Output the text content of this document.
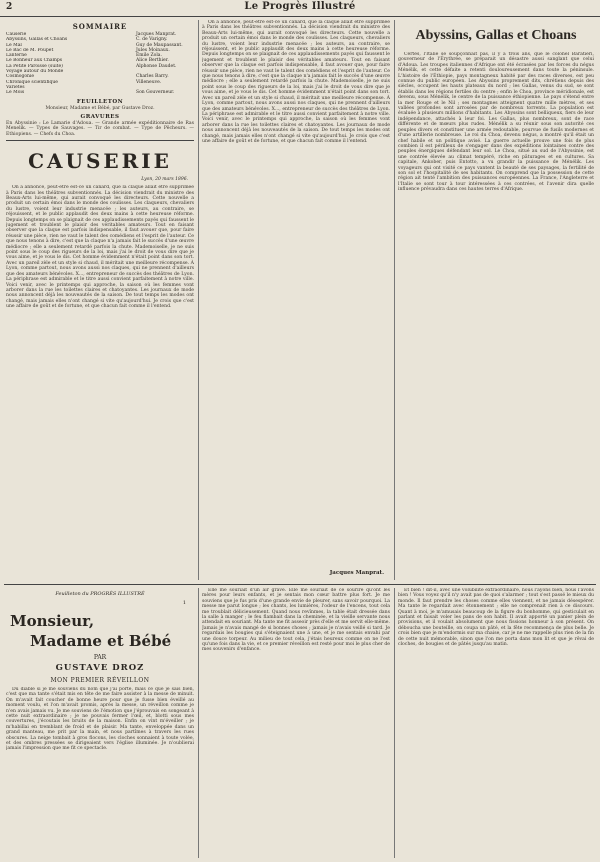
2	Le Progrès Illustré
SOMMAIRE
Causerie	Jacques Manprat.
Abyssins, Gallas et Choans	C. de Varigny.
Le Mal	Guy de Maupassant.
Le Bac de M. Poupet	Jules Moinaux.
Lanterne	Émile Zola.
Le Bonheur aux Champs	Alice Berthier.
La Petite Paroisse (suite)	Alphonse Daudet.
Voyage autour du Monde
Cosmogonie	Charles Barry.
Chronique scientifique	Villeneuve.
Variétés
Le Mois	Son Gouverneur.
FEUILLETON
Monsieur, Madame et Bébé, par Gustave Droz.
GRAVURES
En Abyssinie : Le Lamarie d'Adoua. — Grande armée expéditionnaire de Ras Menelik. — Types de Sauvages. — Tir de combat. — Type de Pêcheurs. — Ethiopiens. — Chefs du Choa.
CAUSERIE
Lyon, 20 mars 1896.
On a annoncé, peut-être est-ce un canard, que la claque allait être supprimée à Paris dans les théâtres subventionnés. La décision viendrait du ministre des Beaux-Arts lui-même, qui aurait convoqué les directeurs. Cette nouvelle a produit un certain émoi dans le monde des coulisses. Les claqueurs, chevaliers du lustre, voient leur industrie menacée ; les auteurs, au contraire, se réjouissent, et le public applaudit des deux mains à cette heureuse réforme. Depuis longtemps on se plaignait de ces applaudissements payés qui faussent le jugement et troublent le plaisir des véritables amateurs. Tout en faisant observer que la claque est parfois indispensable, il faut avouer que, pour faire réussir une pièce, rien ne vaut le talent des comédiens et l'esprit de l'auteur. Ce que nous tenons à dire, c'est que la claque n'a jamais fait le succès d'une œuvre médiocre ; elle a seulement retardé parfois la chute. Mademoiselle, je ne suis point sous le coup des rigueurs de la loi, mais j'ai le droit de vous dire que je vous aime, et je vous le dis. Cet homme évidemment n'était point dans son tort. Avec un pareil zèle et un style si chaud, il méritait une meilleure récompense. À Lyon, comme partout, nous avons aussi nos claques, qui ne prennent d'ailleurs que des amateurs bénévoles. X..., entrepreneur de succès des théâtres de Lyon. La périphrase est admirable et le titre aussi convient parfaitement à notre ville. Voici venir, avec le printemps qui approche, la saison où les femmes vont arborer dans la rue les toilettes claires et chatoyantes. Les journaux de mode nous annoncent déjà les nouveautés de la saison. De tout temps les modes ont changé, mais jamais elles n'ont changé si vite qu'aujourd'hui. Je crois que c'est une affaire de goût et de fortune, et que chacun fait comme il l'entend.
On a annoncé, peut-être est-ce un canard, que la claque allait être supprimée à Paris dans les théâtres subventionnés. La décision viendrait du ministre des Beaux-Arts lui-même, qui aurait convoqué les directeurs. Cette nouvelle a produit un certain émoi dans le monde des coulisses. Les claqueurs, chevaliers du lustre, voient leur industrie menacée ; les auteurs, au contraire, se réjouissent, et le public applaudit des deux mains à cette heureuse réforme. Depuis longtemps on se plaignait de ces applaudissements payés qui faussent le jugement et troublent le plaisir des véritables amateurs. Tout en faisant observer que la claque est parfois indispensable, il faut avouer que, pour faire réussir une pièce, rien ne vaut le talent des comédiens et l'esprit de l'auteur. Ce que nous tenons à dire, c'est que la claque n'a jamais fait le succès d'une œuvre médiocre ; elle a seulement retardé parfois la chute. Mademoiselle, je ne suis point sous le coup des rigueurs de la loi, mais j'ai le droit de vous dire que je vous aime, et je vous le dis. Cet homme évidemment n'était point dans son tort. Avec un pareil zèle et un style si chaud, il méritait une meilleure récompense. À Lyon, comme partout, nous avons aussi nos claques, qui ne prennent d'ailleurs que des amateurs bénévoles. X..., entrepreneur de succès des théâtres de Lyon. La périphrase est admirable et le titre aussi convient parfaitement à notre ville. Voici venir, avec le printemps qui approche, la saison où les femmes vont arborer dans la rue les toilettes claires et chatoyantes. Les journaux de mode nous annoncent déjà les nouveautés de la saison. De tout temps les modes ont changé, mais jamais elles n'ont changé si vite qu'aujourd'hui. Je crois que c'est une affaire de goût et de fortune, et que chacun fait comme il l'entend.
Jacques Manprat.
Abyssins, Gallas et Choans
Certes, l'Italie se soupçonnait pas, il y a trois ans, que le colonel Baratieri, gouverneur de l'Érythrée, se préparait un désastre aussi sanglant que celui d'Adoua. Les troupes italiennes d'Afrique ont été écrasées par les forces du négus Ménélik, et cette défaite a retenti douloureusement dans toute la péninsule. L'histoire de l'Éthiopie, pays montagneux habité par des races diverses, est peu connue du public européen. Les Abyssins proprement dits, chrétiens depuis des siècles, occupent les hauts plateaux du nord ; les Gallas, venus du sud, se sont établis dans les régions fertiles du centre ; enfin le Choa, province méridionale, est devenu, sous Ménélik, le centre de la puissance éthiopienne. Le pays s'étend entre la mer Rouge et le Nil ; ses montagnes atteignent quatre mille mètres, et ses vallées profondes sont arrosées par de nombreux torrents. La population est évaluée à plusieurs millions d'habitants. Les Abyssins sont belliqueux, fiers de leur indépendance, attachés à leur foi. Les Gallas, plus nombreux, sont de race différente et de mœurs plus rudes. Ménélik a su réunir sous son autorité ces peuples divers et constituer une armée redoutable, pourvue de fusils modernes et d'une artillerie nombreuse. Le roi du Choa, devenu négus, a montré qu'il était un chef habile et un politique avisé. La guerre actuelle prouve une fois de plus combien il est périlleux de s'engager dans des expéditions lointaines contre des peuples énergiques défendant leur sol. Le Choa, situé au sud de l'Abyssinie, est une contrée élevée au climat tempéré, riche en pâturages et en cultures. Sa capitale, Ankober, puis Entotto, a vu grandir la puissance de Ménélik. Les voyageurs qui ont visité ce pays vantent la beauté de ses paysages, la fertilité de son sol et l'hospitalité de ses habitants. On comprend que la possession de cette région ait tenté l'ambition des puissances européennes. La France, l'Angleterre et l'Italie se sont tour à tour intéressées à ces contrées, et l'avenir dira quelle influence prévaudra dans ces hautes terres d'Afrique.
Feuilleton du PROGRÈS ILLUSTRÉ
1
Monsieur,
Madame et Bébé
PAR
GUSTAVE DROZ
MON PREMIER RÉVEILLON
Du diable si je me souviens du nom que j'ai porté, mais ce que je sais bien, c'est que ma tante s'était mis en tête de me faire assister à la messe de minuit. On m'avait fait coucher de bonne heure pour que je fusse bien éveillé au moment voulu, et l'on m'avait promis, après la messe, un réveillon comme je n'en avais jamais vu. Je me souviens de l'émotion que j'éprouvais en songeant à cette nuit extraordinaire ; je ne pouvais fermer l'œil, et, blotti sous mes couvertures, j'écoutais les bruits de la maison. Enfin on vint m'éveiller ; je m'habillai en tremblant de froid et de plaisir. Ma tante, enveloppée dans un grand manteau, me prit par la main, et nous partîmes à travers les rues obscures. La neige tombait à gros flocons, les cloches sonnaient à toute volée, et des ombres pressées se dirigeaient vers l'église illuminée. Je n'oublierai jamais l'impression que me fit ce spectacle.
Elle me souriait d'un air grave. Elle me souriait de ce sourire qu'ont les mères pour leurs enfants, et je sentais mon cœur battre plus fort. Je me souviens que je fus pris d'une grande envie de pleurer, sans savoir pourquoi. La messe me parut longue ; les chants, les lumières, l'odeur de l'encens, tout cela me troublait délicieusement. Quand nous revînmes, la table était dressée dans la salle à manger ; le feu flambait dans la cheminée, et la vieille servante nous attendait en souriant. Ma tante me fit asseoir près d'elle et me servit elle-même. Jamais je n'avais mangé de si bonnes choses ; jamais je n'avais veillé si tard. Je regardais les bougies qui s'éteignaient une à une, et je me sentais envahi par une douce torpeur. Au milieu de tout cela, j'étais heureux comme on ne l'est qu'une fois dans la vie, et ce premier réveillon est resté pour moi le plus cher de mes souvenirs d'enfance.
Et bien ! dit-il, avec une volubilité extraordinaire, nous l'ayons bien, nous l'avons bien ! Vous voyez qu'il n'y avait pas de quoi s'alarmer ; tout s'est passé le mieux du monde. Il faut prendre les choses comme elles viennent, et ne jamais désespérer. Ma tante le regardait avec étonnement ; elle ne comprenait rien à ce discours. Quant à moi, je m'amusais beaucoup de la figure du bonhomme, qui gesticulait en parlant et faisait voler les pans de son habit. Il avait apporté un panier plein de provisions, et il voulait absolument que nous fissions honneur à son présent. On déboucha une bouteille, on coupa un pâté, et la fête recommença de plus belle. Je crois bien que je m'endormis sur ma chaise, car je ne me rappelle plus rien de la fin de cette nuit mémorable, sinon que l'on me porta dans mon lit et que je rêvai de cloches, de bougies et de pâtés jusqu'au matin.
